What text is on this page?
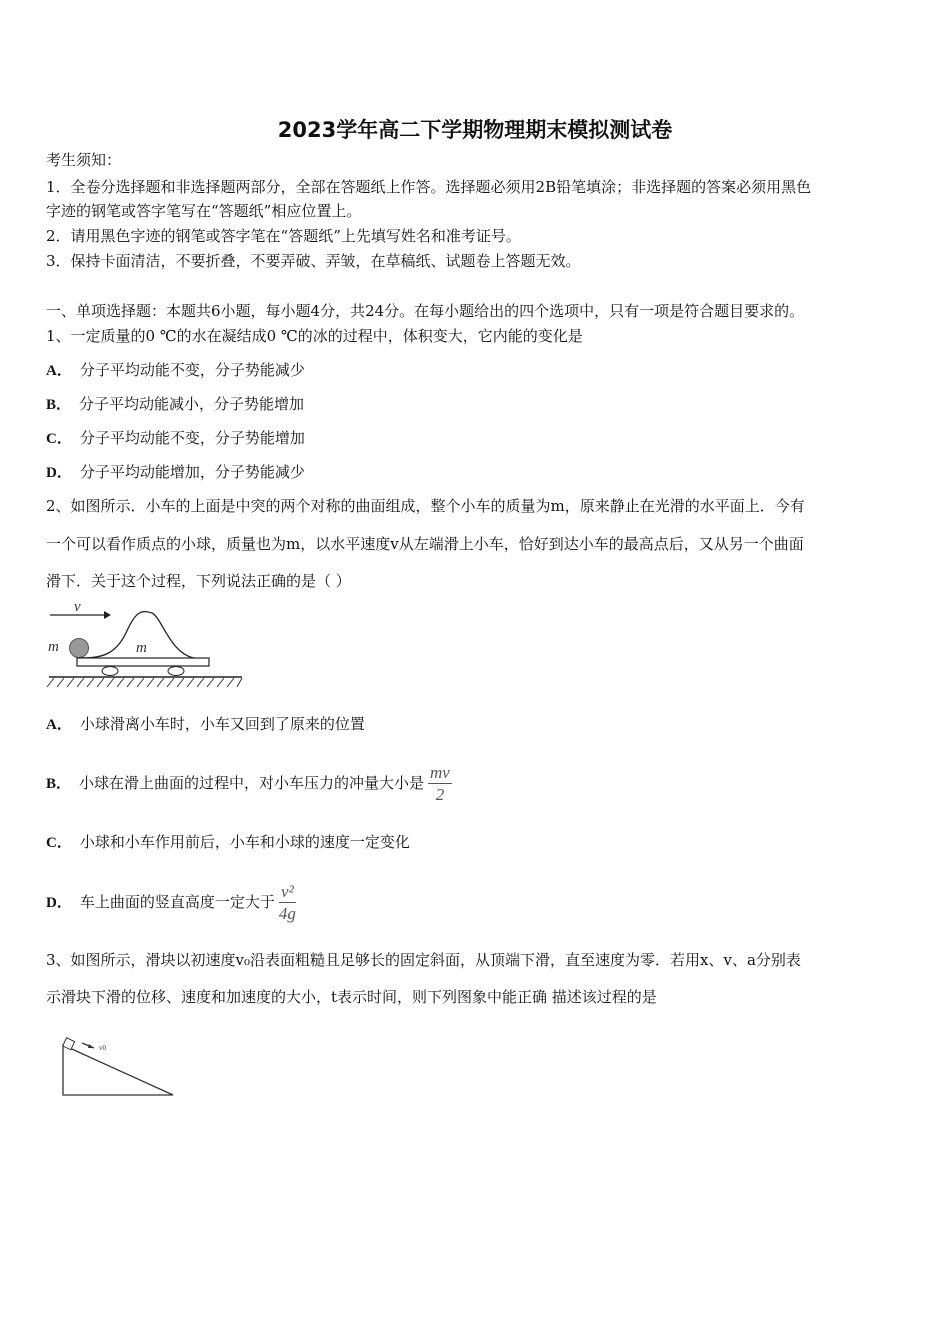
2023学年高二下学期物理期末模拟测试卷
考生须知：
1．全卷分选择题和非选择题两部分，全部在答题纸上作答。选择题必须用2B铅笔填涂；非选择题的答案必须用黑色
字迹的钢笔或答字笔写在“答题纸”相应位置上。
2．请用黑色字迹的钢笔或答字笔在“答题纸”上先填写姓名和准考证号。
3．保持卡面清洁，不要折叠，不要弄破、弄皱，在草稿纸、试题卷上答题无效。
一、单项选择题：本题共6小题，每小题4分，共24分。在每小题给出的四个选项中，只有一项是符合题目要求的。
1、一定质量的0 ℃的水在凝结成0 ℃的冰的过程中，体积变大，它内能的变化是
A． 分子平均动能不变，分子势能减少
B． 分子平均动能减小，分子势能增加
C． 分子平均动能不变，分子势能增加
D． 分子平均动能增加，分子势能减少
2、如图所示．小车的上面是中突的两个对称的曲面组成，整个小车的质量为m，原来静止在光滑的水平面上．今有
一个可以看作质点的小球，质量也为m，以水平速度v从左端滑上小车，恰好到达小车的最高点后，又从另一个曲面
滑下．关于这个过程，下列说法正确的是（ ）
v
m	m
A． 小球滑离小车时，小车又回到了原来的位置
B． 小球在滑上曲面的过程中，对小车压力的冲量大小是 $\frac{mv}{2}$
C． 小球和小车作用前后，小车和小球的速度一定变化
D． 车上曲面的竖直高度一定大于 $\frac{\text{v²}}{4g}$
3、如图所示，滑块以初速度v₀沿表面粗糙且足够长的固定斜面，从顶端下滑，直至速度为零．若用x、v、a分别表
示滑块下滑的位移、速度和加速度的大小，t表示时间，则下列图象中能正确 描述该过程的是
v0
